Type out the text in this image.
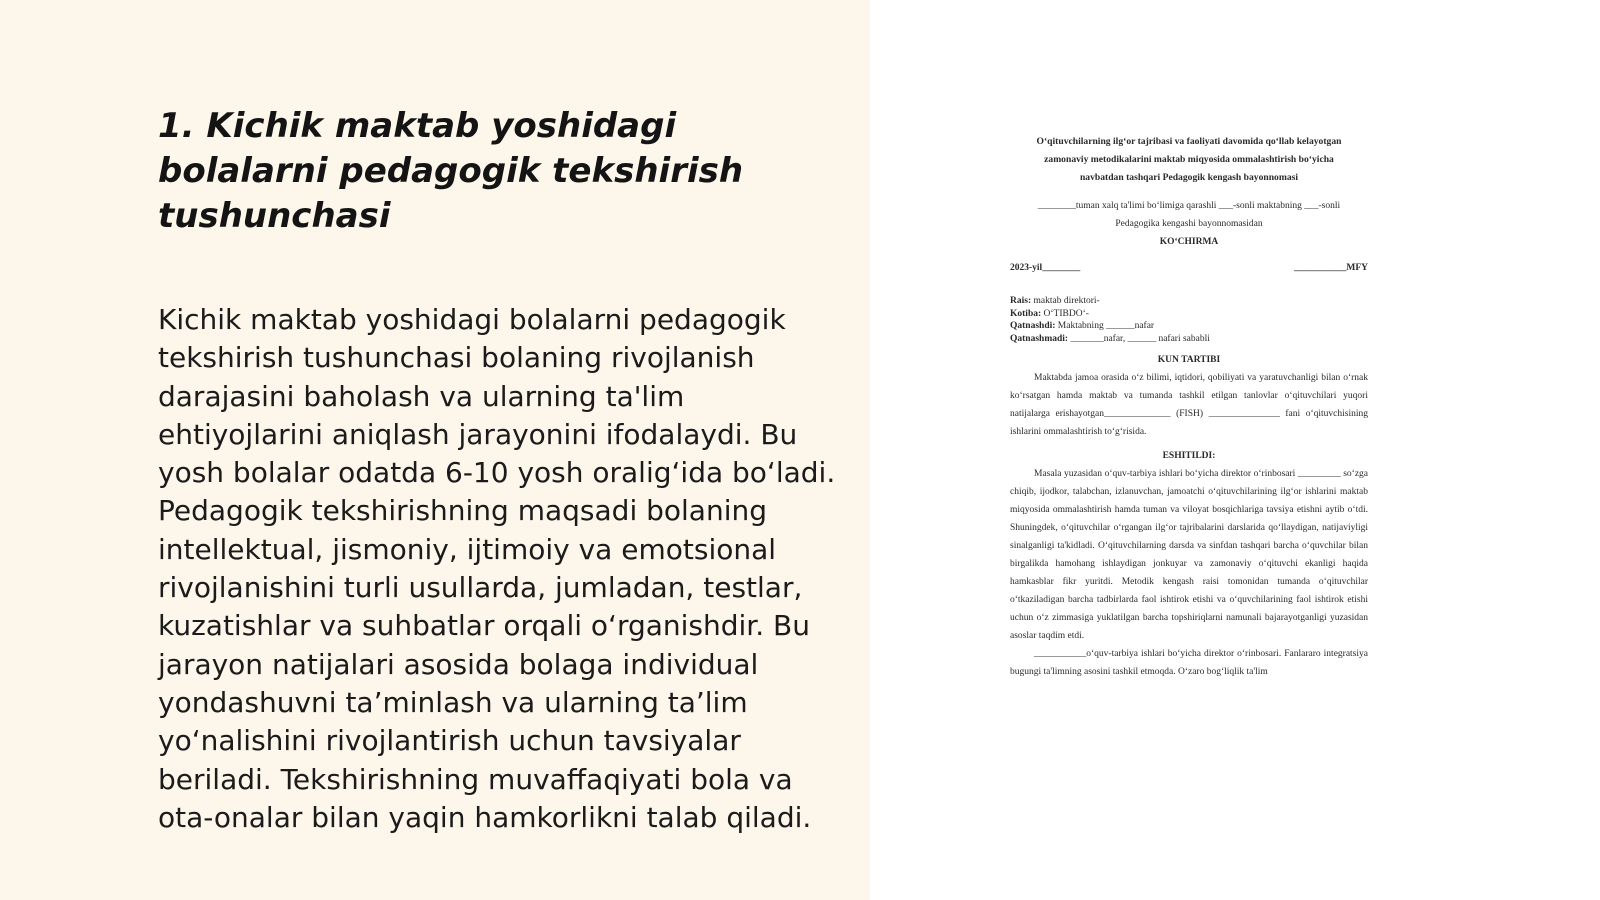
1. Kichik maktab yoshidagi bolalarni pedagogik tekshirish tushunchasi

Kichik maktab yoshidagi bolalarni pedagogik tekshirish tushunchasi bolaning rivojlanish darajasini baholash va ularning ta'lim ehtiyojlarini aniqlash jarayonini ifodalaydi. Bu yosh bolalar odatda 6-10 yosh oralig‘ida bo‘ladi. Pedagogik tekshirishning maqsadi bolaning intellektual, jismoniy, ijtimoiy va emotsional rivojlanishini turli usullarda, jumladan, testlar, kuzatishlar va suhbatlar orqali o‘rganishdir. Bu jarayon natijalari asosida bolaga individual yondashuvni ta’minlash va ularning ta’lim yo‘nalishini rivojlantirish uchun tavsiyalar beriladi. Tekshirishning muvaffaqiyati bola va ota-onalar bilan yaqin hamkorlikni talab qiladi.

O‘qituvchilarning ilg‘or tajribasi va faoliyati davomida qo‘llab kelayotgan

zamonaviy metodikalarini maktab miqyosida ommalashtirish bo‘yicha

navbatdan tashqari Pedagogik kengash bayonnomasi

________tuman xalq ta'limi bo‘limiga qarashli ___-sonli maktabning ___-sonli

Pedagogika kengashi bayonnomasidan

KO‘CHIRMA

2023-yil________	___________MFY

Rais: maktab direktori-

Kotiba: O‘TIBDO‘-

Qatnashdi: Maktabning ______nafar

Qatnashmadi: _______nafar, ______ nafari sababli

KUN TARTIBI

Maktabda jamoa orasida o‘z bilimi, iqtidori, qobiliyati va yaratuvchanligi bilan o‘rnak ko‘rsatgan hamda maktab va tumanda tashkil etilgan tanlovlar o‘qituvchilari yuqori natijalarga erishayotgan______________ (FISH) _______________ fani o‘qituvchisining ishlarini ommalashtirish to‘g‘risida.

ESHITILDI:

Masala yuzasidan o‘quv-tarbiya ishlari bo‘yicha direktor o‘rinbosari _________ so‘zga chiqib, ijodkor, talabchan, izlanuvchan, jamoatchi o‘qituvchilarining ilg‘or ishlarini maktab miqyosida ommalashtirish hamda tuman va viloyat bosqichlariga tavsiya etishni aytib o‘tdi. Shuningdek, o‘qituvchilar o‘rgangan ilg‘or tajribalarini darslarida qo‘llaydigan, natijaviyligi sinalganligi ta'kidladi. O‘qituvchilarning darsda va sinfdan tashqari barcha o‘quvchilar bilan birgalikda hamohang ishlaydigan jonkuyar va zamonaviy o‘qituvchi ekanligi haqida hamkasblar fikr yuritdi. Metodik kengash raisi tomonidan tumanda o‘qituvchilar o‘tkaziladigan barcha tadbirlarda faol ishtirok etishi va o‘quvchilarining faol ishtirok etishi uchun o‘z zimmasiga yuklatilgan barcha topshiriqlarni namunali bajarayotganligi yuzasidan asoslar taqdim etdi.

___________o‘quv-tarbiya ishlari bo‘yicha direktor o‘rinbosari. Fanlararo integratsiya bugungi ta'limning asosini tashkil etmoqda. O‘zaro bog‘liqlik ta'lim
